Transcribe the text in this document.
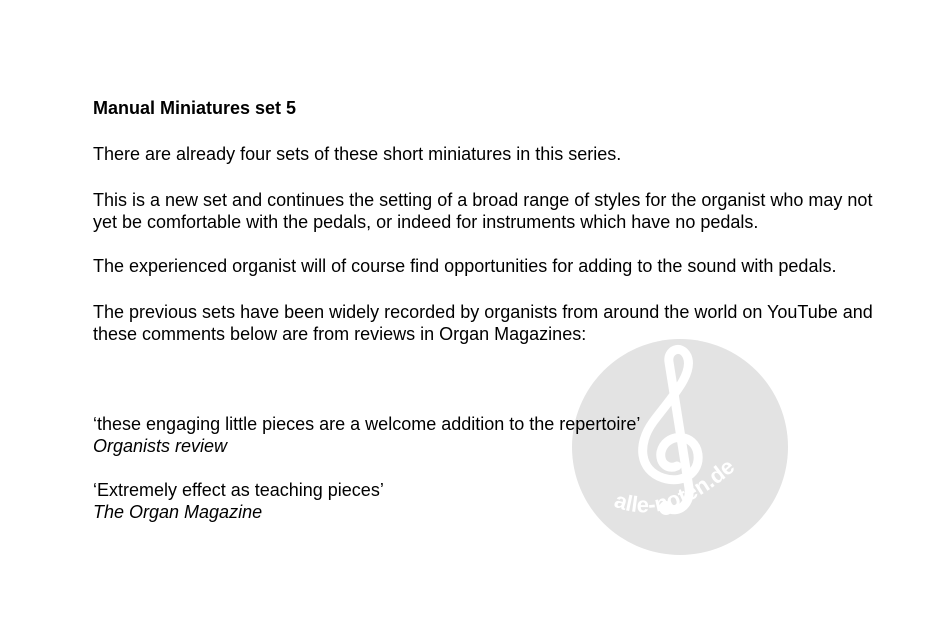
alle-noten.de

Manual Miniatures set 5

There are already four sets of these short miniatures in this series.

This is a new set and continues the setting of a broad range of styles for the organist who may not yet be comfortable with the pedals, or indeed for instruments which have no pedals.

The experienced organist will of course find opportunities for adding to the sound with pedals.

The previous sets have been widely recorded by organists from around the world on YouTube and these comments below are from reviews in Organ Magazines:

‘these engaging little pieces are a welcome addition to the repertoire’

Organists review

‘Extremely effect as teaching pieces’

The Organ Magazine
